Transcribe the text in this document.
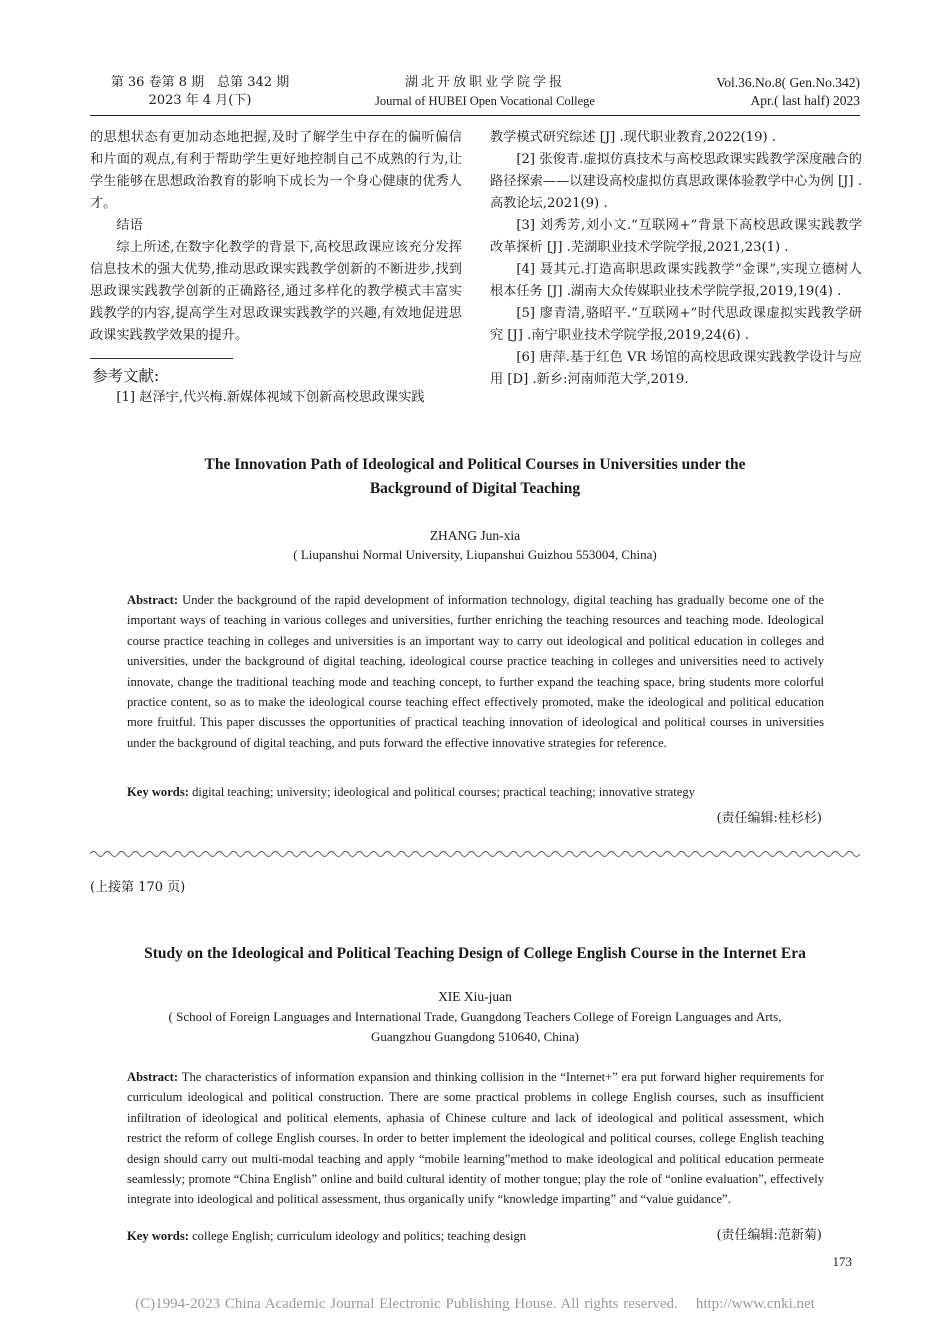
第 36 卷第 8 期　总第 342 期
2023 年 4 月(下)
湖北开放职业学院学报
Journal of HUBEI Open Vocational College
Vol.36.No.8( Gen.No.342)
Apr.( last half) 2023

的思想状态有更加动态地把握,及时了解学生中存在的偏听偏信和片面的观点,有利于帮助学生更好地控制自己不成熟的行为,让学生能够在思想政治教育的影响下成长为一个身心健康的优秀人才。

结语

综上所述,在数字化教学的背景下,高校思政课应该充分发挥信息技术的强大优势,推动思政课实践教学创新的不断进步,找到思政课实践教学创新的正确路径,通过多样化的教学模式丰富实践教学的内容,提高学生对思政课实践教学的兴趣,有效地促进思政课实践教学效果的提升。

参考文献:
[1] 赵泽宇,代兴梅.新媒体视域下创新高校思政课实践

教学模式研究综述 [J] .现代职业教育,2022(19) .

[2] 张俊青.虚拟仿真技术与高校思政课实践教学深度融合的路径探索——以建设高校虚拟仿真思政课体验教学中心为例 [J] .高教论坛,2021(9) .

[3] 刘秀芳,刘小文.“互联网+”背景下高校思政课实践教学改革探析 [J] .芜湖职业技术学院学报,2021,23(1) .

[4] 聂其元.打造高职思政课实践教学“金课”,实现立德树人根本任务 [J] .湖南大众传媒职业技术学院学报,2019,19(4) .

[5] 廖青清,骆昭平.“互联网+”时代思政课虚拟实践教学研究 [J] .南宁职业技术学院学报,2019,24(6) .

[6] 唐萍.基于红色 VR 场馆的高校思政课实践教学设计与应用 [D] .新乡:河南师范大学,2019.

The Innovation Path of Ideological and Political Courses in Universities under the
Background of Digital Teaching
ZHANG Jun-xia
( Liupanshui Normal University, Liupanshui Guizhou 553004, China)
Abstract: Under the background of the rapid development of information technology, digital teaching has gradually become one of the important ways of teaching in various colleges and universities, further enriching the teaching resources and teaching mode. Ideological course practice teaching in colleges and universities is an important way to carry out ideological and political education in colleges and universities, under the background of digital teaching, ideological course practice teaching in colleges and universities need to actively innovate, change the traditional teaching mode and teaching concept, to further expand the teaching space, bring students more colorful practice content, so as to make the ideological course teaching effect effectively promoted, make the ideological and political education more fruitful. This paper discusses the opportunities of practical teaching innovation of ideological and political courses in universities under the background of digital teaching, and puts forward the effective innovative strategies for reference.
Key words: digital teaching; university; ideological and political courses; practical teaching; innovative strategy
(责任编辑:桂杉杉)
(上接第 170 页)
Study on the Ideological and Political Teaching Design of College English Course in the Internet Era
XIE Xiu-juan
( School of Foreign Languages and International Trade, Guangdong Teachers College of Foreign Languages and Arts,
Guangzhou Guangdong 510640, China)
Abstract: The characteristics of information expansion and thinking collision in the “Internet+” era put forward higher requirements for curriculum ideological and political construction. There are some practical problems in college English courses, such as insufficient infiltration of ideological and political elements, aphasia of Chinese culture and lack of ideological and political assessment, which restrict the reform of college English courses. In order to better implement the ideological and political courses, college English teaching design should carry out multi-modal teaching and apply “mobile learning”method to make ideological and political education permeate seamlessly; promote “China English” online and build cultural identity of mother tongue; play the role of “online evaluation”, effectively integrate into ideological and political assessment, thus organically unify “knowledge imparting” and “value guidance”.
Key words: college English; curriculum ideology and politics; teaching design	(责任编辑:范新菊)
173
(C)1994-2023 China Academic Journal Electronic Publishing House. All rights reserved. http://www.cnki.net
